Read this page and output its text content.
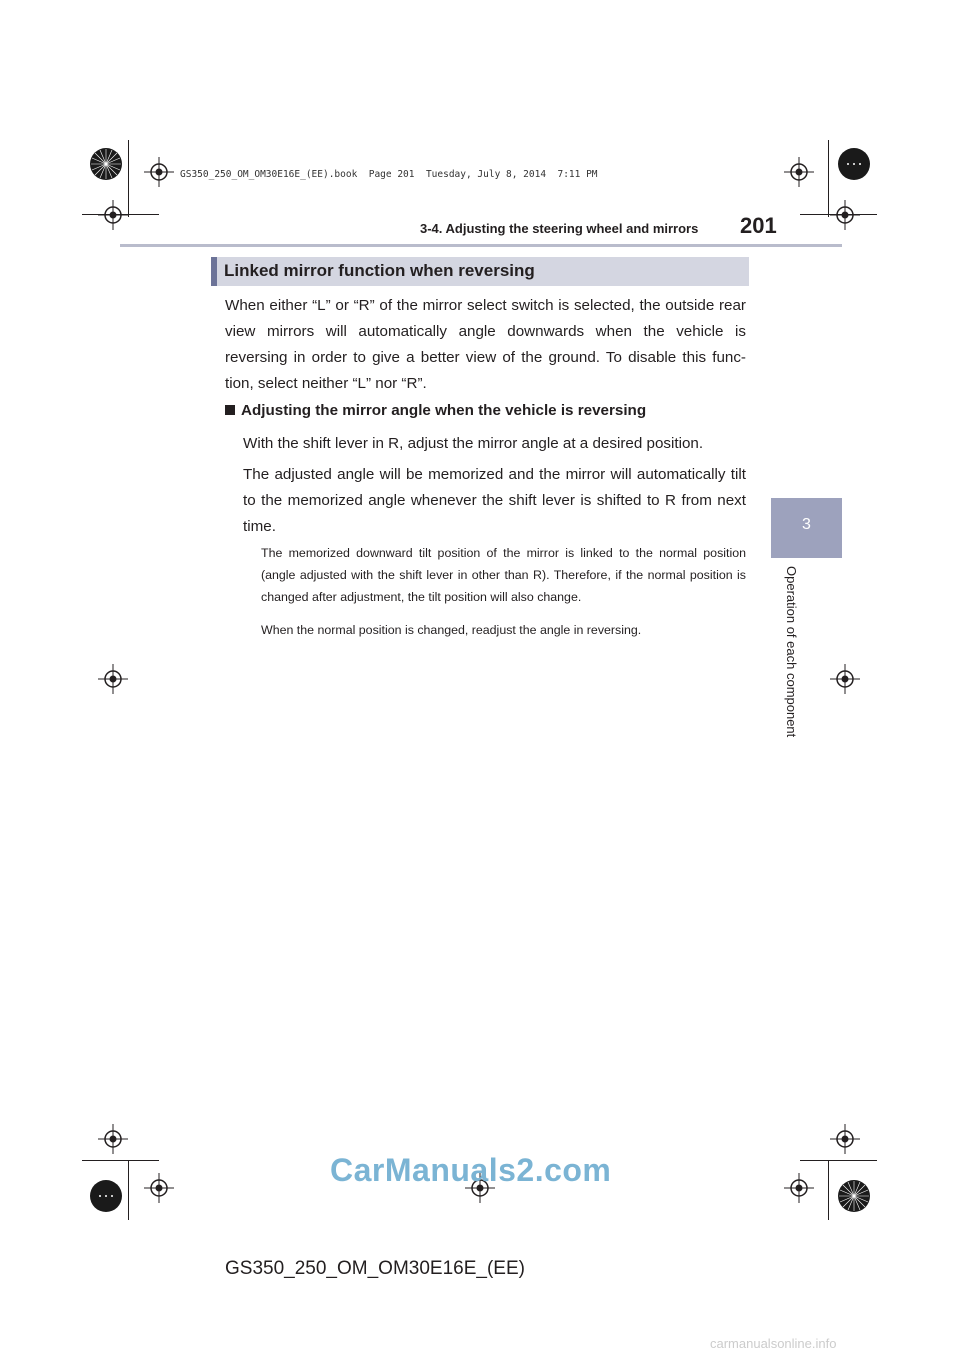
GS350_250_OM_OM30E16E_(EE).book  Page 201  Tuesday, July 8, 2014  7:11 PM
3-4. Adjusting the steering wheel and mirrors 201
3
Operation of each component
Linked mirror function when reversing
When either “L” or “R” of the mirror select switch is selected, the outside rear view mirrors will automatically angle downwards when the vehicle is reversing in order to give a better view of the ground. To disable this func-tion, select neither “L” nor “R”.
Adjusting the mirror angle when the vehicle is reversing
With the shift lever in R, adjust the mirror angle at a desired position.
The adjusted angle will be memorized and the mirror will automatically tilt to the memorized angle whenever the shift lever is shifted to R from next time.
The memorized downward tilt position of the mirror is linked to the normal position (angle adjusted with the shift lever in other than R). Therefore, if the normal position is changed after adjustment, the tilt position will also change.
When the normal position is changed, readjust the angle in reversing.
CarManuals2.com
GS350_250_OM_OM30E16E_(EE)
carmanualsonline.info
